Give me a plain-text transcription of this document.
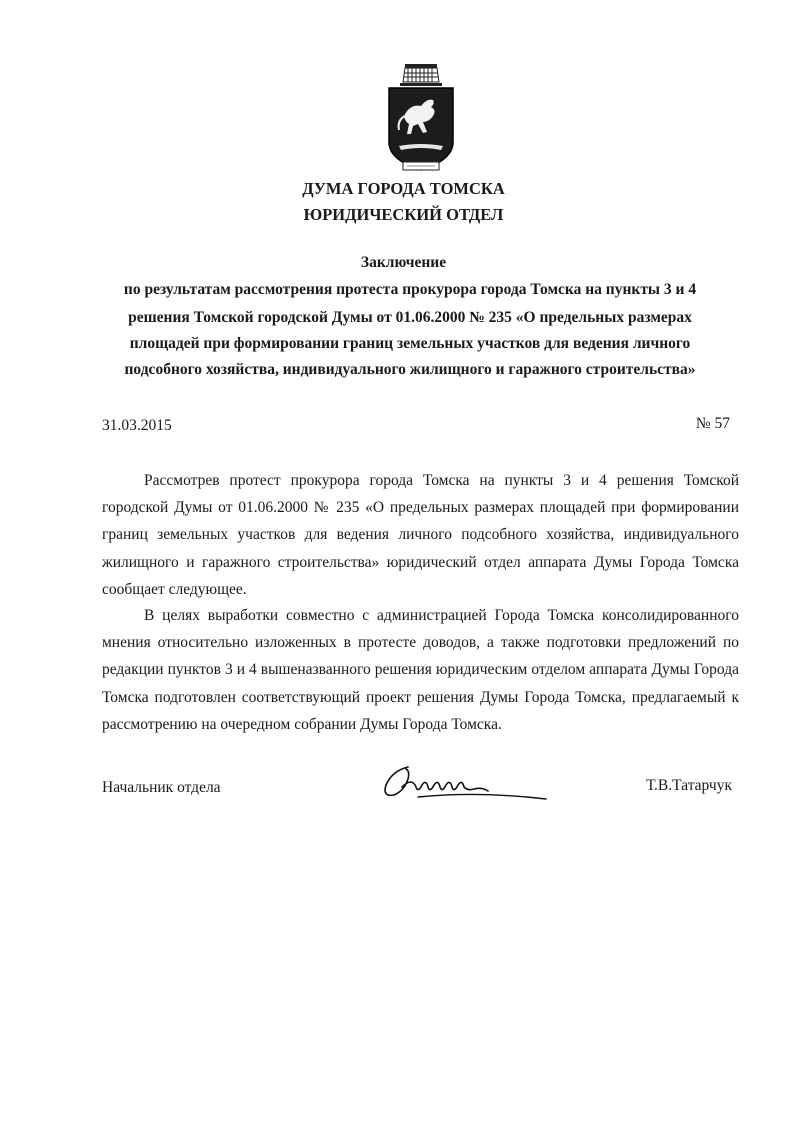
ДУМА ГОРОДА ТОМСКА
ЮРИДИЧЕСКИЙ ОТДЕЛ
Заключение
по результатам рассмотрения протеста прокурора города Томска на пункты 3 и 4
решения Томской городской Думы от 01.06.2000 № 235 «О предельных размерах
площадей при формировании границ земельных участков для ведения личного
подсобного хозяйства, индивидуального жилищного и гаражного строительства»
31.03.2015	№ 57
Рассмотрев протест прокурора города Томска на пункты 3 и 4 решения Томской городской Думы от 01.06.2000 № 235 «О предельных размерах площадей при формировании границ земельных участков для ведения личного подсобного хозяйства, индивидуального жилищного и гаражного строительства» юридический отдел аппарата Думы Города Томска сообщает следующее.
В целях выработки совместно с администрацией Города Томска консолидированного мнения относительно изложенных в протесте доводов, а также подготовки предложений по редакции пунктов 3 и 4 вышеназванного решения юридическим отделом аппарата Думы Города Томска подготовлен соответствующий проект решения Думы Города Томска, предлагаемый к рассмотрению на очередном собрании Думы Города Томска.
Начальник отдела	Т.В.Татарчук
